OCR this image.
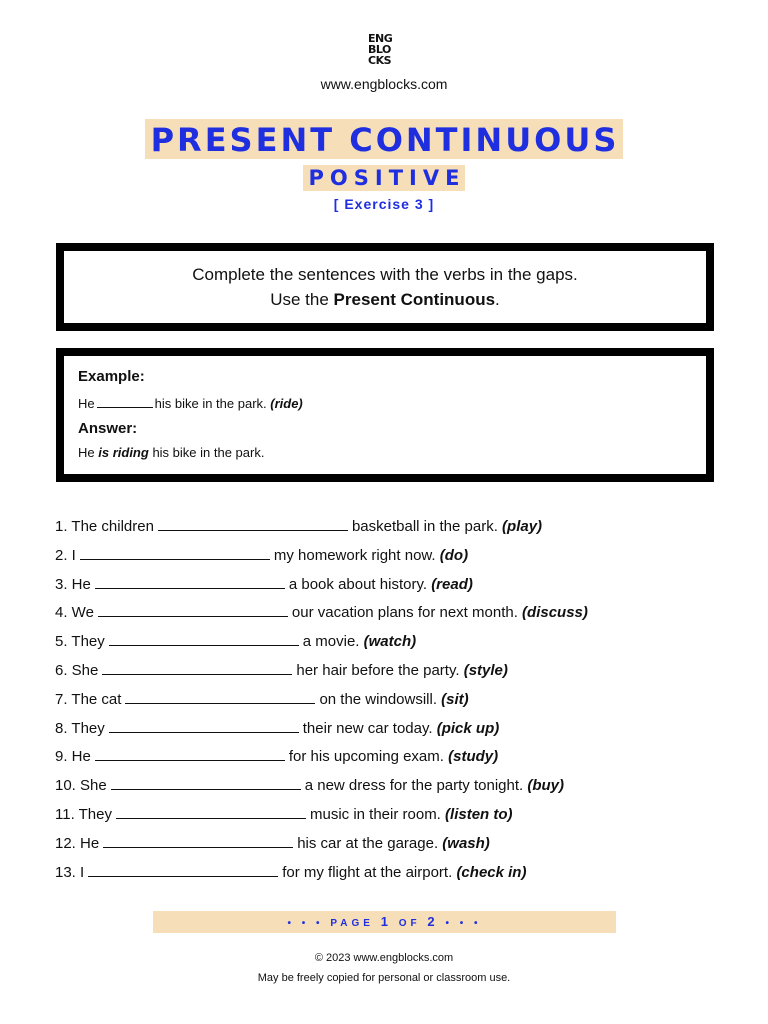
ENG
BLO
CKS
www.engblocks.com
PRESENT CONTINUOUS
POSITIVE
[ Exercise 3 ]
Complete the sentences with the verbs in the gaps.
Use the Present Continuous.
Example:
He	his bike in the park. (ride)
Answer:
He is riding his bike in the park.
1. The children	basketball in the park. (play)
2. I	my homework right now. (do)
3. He	a book about history. (read)
4. We	our vacation plans for next month. (discuss)
5. They	a movie. (watch)
6. She	her hair before the party. (style)
7. The cat	on the windowsill. (sit)
8. They	their new car today. (pick up)
9. He	for his upcoming exam. (study)
10. She	a new dress for the party tonight. (buy)
11. They	music in their room. (listen to)
12. He	his car at the garage. (wash)
13. I	for my flight at the airport. (check in)
• • • PAGE 1 OF 2 • • •
© 2023 www.engblocks.com
May be freely copied for personal or classroom use.
